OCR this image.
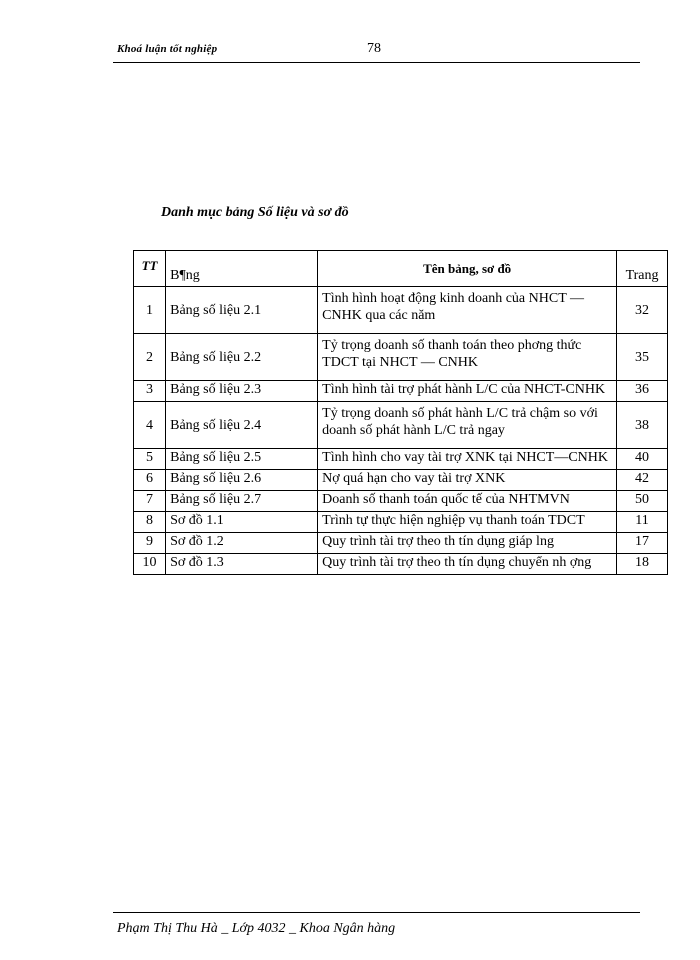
Khoá luận tốt nghiệp	78
Danh mục bảng Số liệu và sơ đồ
TT	B¶ng	Tên bảng, sơ đồ	Trang
1	Bảng số liệu 2.1	Tình hình hoạt động kinh doanh của NHCT — CNHK qua các năm	32
2	Bảng số liệu 2.2	Tỷ trọng doanh số thanh toán theo phơng thức TDCT tại NHCT — CNHK	35
3	Bảng số liệu 2.3	Tình hình tài trợ phát hành L/C của NHCT-CNHK	36
4	Bảng số liệu 2.4	Tỷ trọng doanh số phát hành L/C trả chậm so với doanh số phát hành L/C trả ngay	38
5	Bảng số liệu 2.5	Tình hình cho vay tài trợ XNK tại NHCT—CNHK	40
6	Bảng số liệu 2.6	Nợ quá hạn cho vay tài trợ XNK	42
7	Bảng số liệu 2.7	Doanh số thanh toán quốc tế của NHTMVN	50
8	Sơ đồ 1.1	Trình tự thực hiện nghiệp vụ thanh toán TDCT	11
9	Sơ đồ 1.2	Quy trình tài trợ theo th tín dụng giáp lng	17
10	Sơ đồ 1.3	Quy trình tài trợ theo th tín dụng chuyển nh ợng	18
Phạm Thị Thu Hà _ Lớp 4032 _ Khoa Ngân hàng
